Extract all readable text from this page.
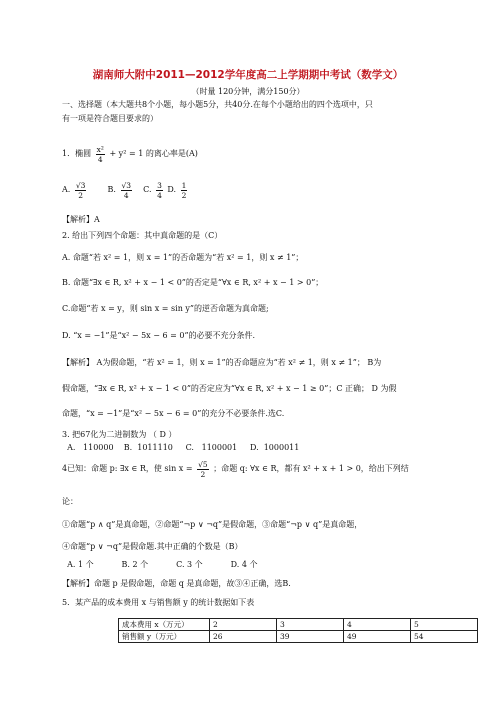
湖南师大附中2011—2012学年度高二上学期期中考试（数学文）
（时量 120分钟，满分150分）
一、选择题（本大题共8个小题，每小题5分，共40分.在每个小题给出的四个选项中，只
有一项是符合题目要求的）
1．椭圆 $\frac{\text{x²}}{4} + y^2 = 1$ 的离心率是(A)
A. $\frac{√3}{2}$	B. $\frac{√3}{4} C$. $\frac{3}{4} D$. $\frac{1}{2}$
【解析】A
2. 给出下列四个命题：其中真命题的是（C）
A. 命题“若 x² = 1，则 x = 1”的否命题为“若 x² = 1，则 x ≠ 1”；
B. 命题“∃x ∈ R, x² + x − 1 < 0”的否定是“∀x ∈ R, x² + x − 1 > 0”；
C.命题“若 x = y，则 sin x = sin y”的逆否命题为真命题;
D. “x = −1”是“x² − 5x − 6 = 0”的必要不充分条件.
【解析】 A为假命题，“若 x² = 1，则 x = 1”的否命题应为“若 x² ≠ 1，则 x ≠ 1”； B为
假命题，“∃x ∈ R, x² + x − 1 < 0”的否定应为“∀x ∈ R, x² + x − 1 ≥ 0”；C 正确； D 为假
命题，“x = −1”是“x² − 5x − 6 = 0”的充分不必要条件.选C.
3. 把67化为二进制数为 （ D ）
A.   110000    B.  1011110     C.   1100001     D.  1000011
4已知：命题 p: ∃x ∈ R，使 $\sin x = \frac{√5}{2}$ ；命题 q: ∀x ∈ R，都有 x² + x + 1 > 0，给出下列结
论：
①命题“p ∧ q”是真命题，②命题“¬p ∨ ¬q”是假命题，③命题“¬p ∨ q”是真命题，
④命题“p ∨ ¬q”是假命题.其中正确的个数是（B）
A. 1 个           B. 2 个           C. 3 个           D. 4 个
【解析】命题 p 是假命题，命题 q 是真命题，故③④正确，选B.
5．某产品的成本费用 x 与销售额 y 的统计数据如下表
成本费用 x（万元）	2	3	4	5
销售额 y（万元）	26	39	49	54
